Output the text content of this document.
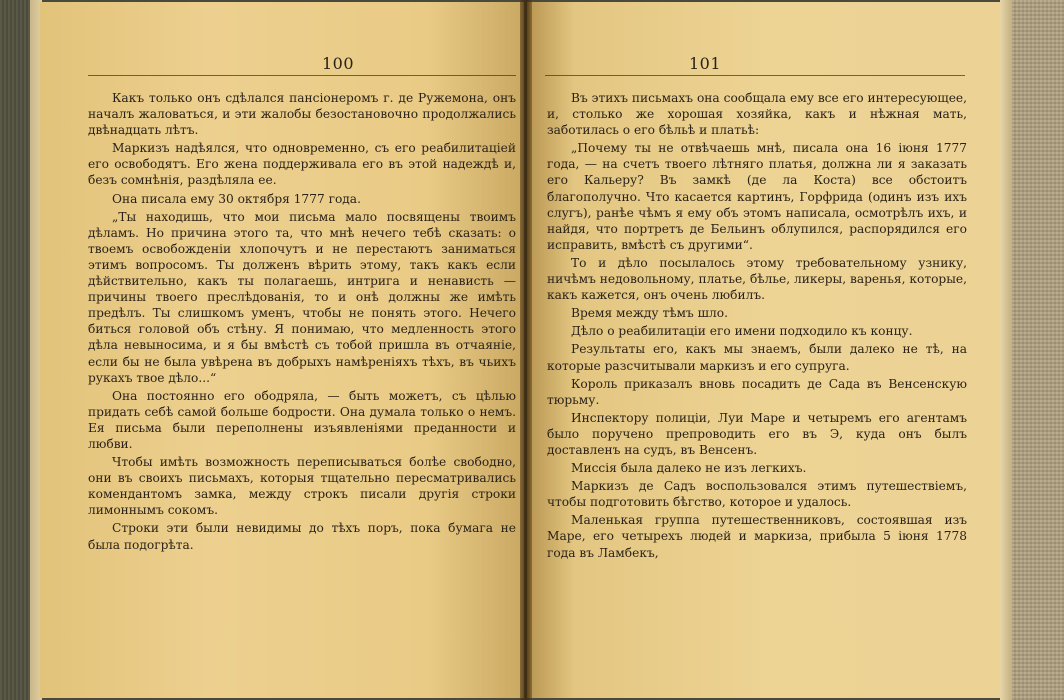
100

Какъ только онъ сдѣлался пансіонеромъ г. де Ружемона, онъ началъ жаловаться, и эти жалобы безостановочно продолжались двѣнадцать лѣтъ.

Маркизъ надѣялся, что одновременно, съ его реабилитаціей его освободятъ. Его жена поддерживала его въ этой надеждѣ и, безъ сомнѣнія, раздѣляла ее.

Она писала ему 30 октября 1777 года.

„Ты находишь, что мои письма мало посвящены твоимъ дѣламъ. Но причина этого та, что мнѣ нечего тебѣ сказать: о твоемъ освобожденіи хлопочутъ и не перестаютъ заниматься этимъ вопросомъ. Ты долженъ вѣрить этому, такъ какъ если дѣйствительно, какъ ты полагаешь, интрига и ненависть — причины твоего преслѣдованія, то и онѣ должны же имѣть предѣлъ. Ты слишкомъ уменъ, чтобы не понять этого. Нечего биться головой объ стѣну. Я понимаю, что медленность этого дѣла невыносима, и я бы вмѣстѣ съ тобой пришла въ отчаяніе, если бы не была увѣрена въ добрыхъ намѣреніяхъ тѣхъ, въ чьихъ рукахъ твое дѣло...“

Она постоянно его ободряла, — быть можетъ, съ цѣлью придать себѣ самой больше бодрости. Она думала только о немъ. Ея письма были переполнены изъявленіями преданности и любви.

Чтобы имѣть возможность переписываться болѣе свободно, они въ своихъ письмахъ, которыя тщательно пересматривались комендантомъ замка, между строкъ писали другія строки лимоннымъ сокомъ.

Строки эти были невидимы до тѣхъ поръ, пока бумага не была подогрѣта.

101

Въ этихъ письмахъ она сообщала ему все его интересующее, и, столько же хорошая хозяйка, какъ и нѣжная мать, заботилась о его бѣльѣ и платьѣ:

„Почему ты не отвѣчаешь мнѣ, писала она 16 іюня 1777 года, — на счетъ твоего лѣтняго платья, должна ли я заказать его Кальеру? Въ замкѣ (де ла Коста) все обстоитъ благополучно. Что касается картинъ, Горфрида (одинъ изъ ихъ слугъ), ранѣе чѣмъ я ему объ этомъ написала, осмотрѣлъ ихъ, и найдя, что портретъ де Бельинъ облупился, распорядился его исправить, вмѣстѣ съ другими“.

То и дѣло посылалось этому требовательному узнику, ничѣмъ недовольному, платье, бѣлье, ликеры, варенья, которые, какъ кажется, онъ очень любилъ.

Время между тѣмъ шло.

Дѣло о реабилитаціи его имени подходило къ концу.

Результаты его, какъ мы знаемъ, были далеко не тѣ, на которые разсчитывали маркизъ и его супруга.

Король приказалъ вновь посадить де Сада въ Венсенскую тюрьму.

Инспектору полиціи, Луи Марe и четыремъ его агентамъ было поручено препроводить его въ Э, куда онъ былъ доставленъ на судъ, въ Венсенъ.

Миссія была далеко не изъ легкихъ.

Маркизъ де Садъ воспользовался этимъ путешествіемъ, чтобы подготовить бѣгство, которое и удалось.

Маленькая группа путешественниковъ, состоявшая изъ Марe, его четырехъ людей и маркиза, прибыла 5 іюня 1778 года въ Ламбекъ,
